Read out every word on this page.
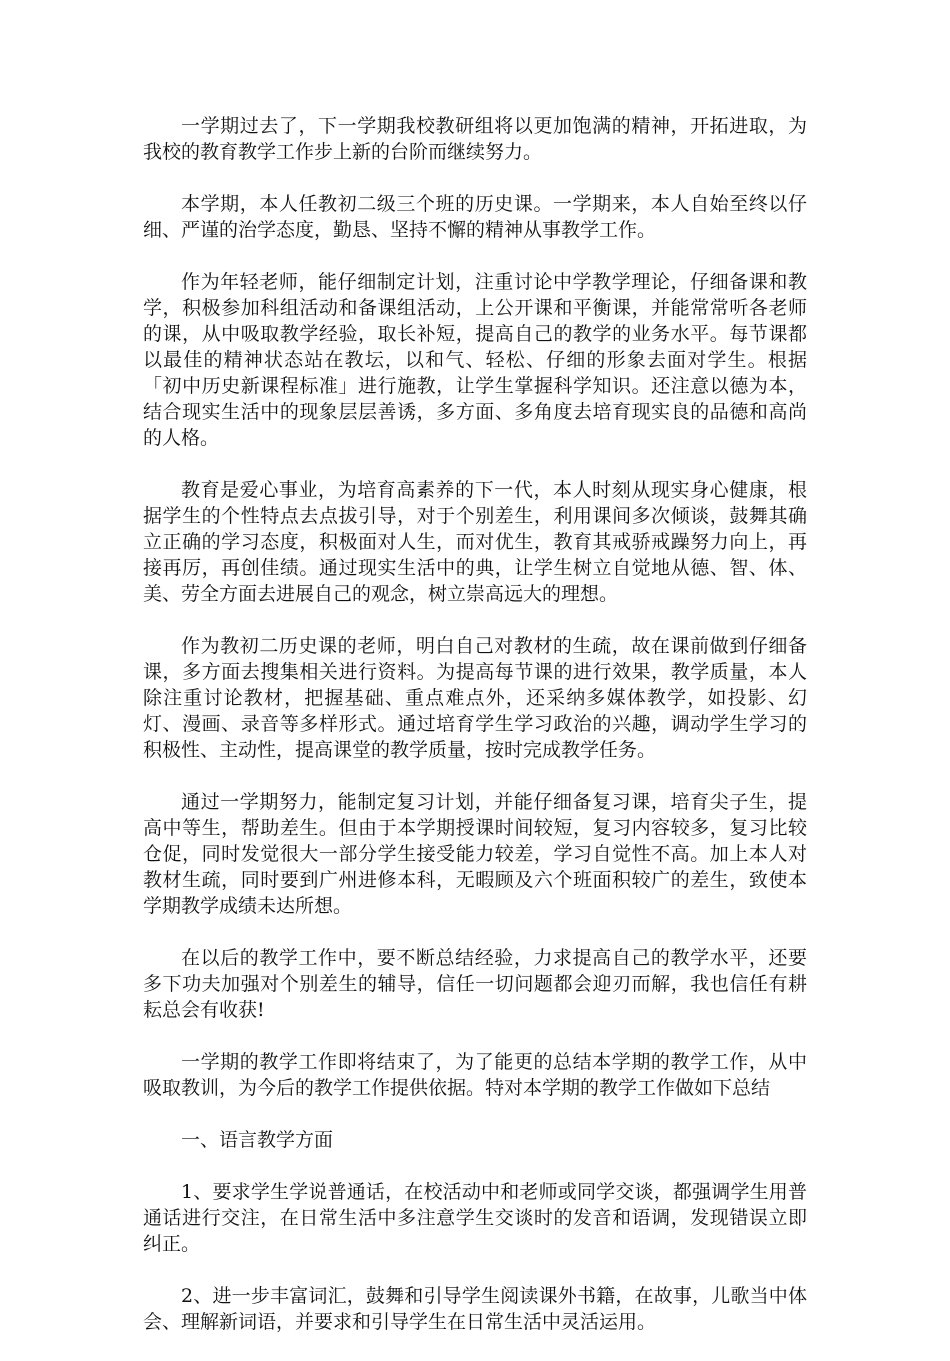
一学期过去了，下一学期我校教研组将以更加饱满的精神，开拓进取，为我校的教育教学工作步上新的台阶而继续努力。

本学期，本人任教初二级三个班的历史课。一学期来，本人自始至终以仔细、严谨的治学态度，勤恳、坚持不懈的精神从事教学工作。

作为年轻老师，能仔细制定计划，注重讨论中学教学理论，仔细备课和教学，积极参加科组活动和备课组活动，上公开课和平衡课，并能常常听各老师的课，从中吸取教学经验，取长补短，提高自己的教学的业务水平。每节课都以最佳的精神状态站在教坛，以和气、轻松、仔细的形象去面对学生。根据「初中历史新课程标准」进行施教，让学生掌握科学知识。还注意以德为本，结合现实生活中的现象层层善诱，多方面、多角度去培育现实良的品德和高尚的人格。

教育是爱心事业，为培育高素养的下一代，本人时刻从现实身心健康，根据学生的个性特点去点拔引导，对于个别差生，利用课间多次倾谈，鼓舞其确立正确的学习态度，积极面对人生，而对优生，教育其戒骄戒躁努力向上，再接再厉，再创佳绩。通过现实生活中的典，让学生树立自觉地从德、智、体、美、劳全方面去进展自己的观念，树立崇高远大的理想。

作为教初二历史课的老师，明白自己对教材的生疏，故在课前做到仔细备课，多方面去搜集相关进行资料。为提高每节课的进行效果，教学质量，本人除注重讨论教材，把握基础、重点难点外，还采纳多媒体教学，如投影、幻灯、漫画、录音等多样形式。通过培育学生学习政治的兴趣，调动学生学习的积极性、主动性，提高课堂的教学质量，按时完成教学任务。

通过一学期努力，能制定复习计划，并能仔细备复习课，培育尖子生，提高中等生，帮助差生。但由于本学期授课时间较短，复习内容较多，复习比较仓促，同时发觉很大一部分学生接受能力较差，学习自觉性不高。加上本人对教材生疏，同时要到广州进修本科，无暇顾及六个班面积较广的差生，致使本学期教学成绩未达所想。

在以后的教学工作中，要不断总结经验，力求提高自己的教学水平，还要多下功夫加强对个别差生的辅导，信任一切问题都会迎刃而解，我也信任有耕耘总会有收获!

一学期的教学工作即将结束了，为了能更的总结本学期的教学工作，从中吸取教训，为今后的教学工作提供依据。特对本学期的教学工作做如下总结

一、语言教学方面

1、要求学生学说普通话，在校活动中和老师或同学交谈，都强调学生用普通话进行交注，在日常生活中多注意学生交谈时的发音和语调，发现错误立即纠正。

2、进一步丰富词汇，鼓舞和引导学生阅读课外书籍，在故事，儿歌当中体会、理解新词语，并要求和引导学生在日常生活中灵活运用。
